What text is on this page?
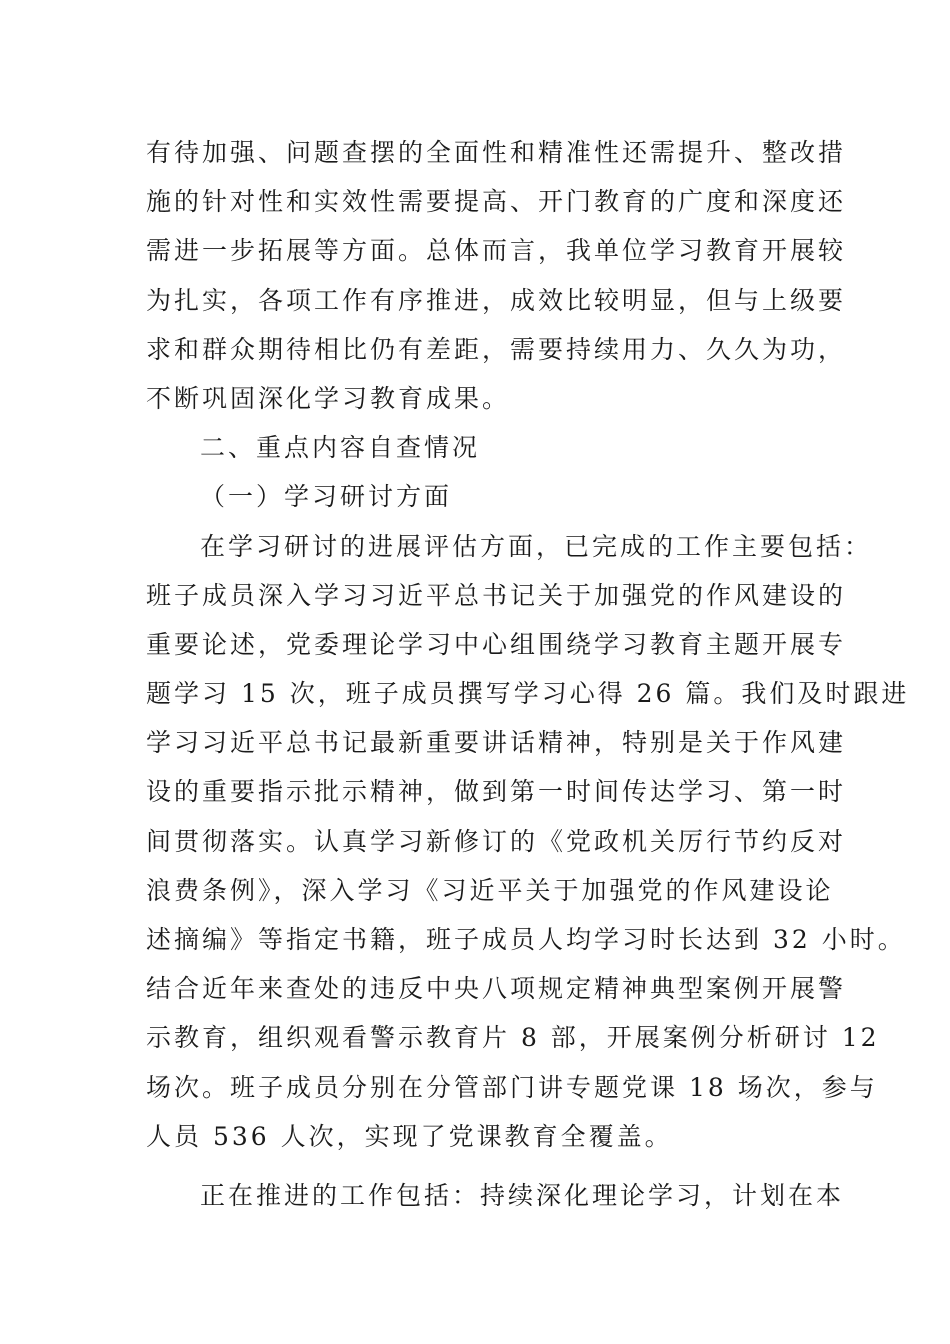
有待加强、问题查摆的全面性和精准性还需提升、整改措
施的针对性和实效性需要提高、开门教育的广度和深度还
需进一步拓展等方面。总体而言，我单位学习教育开展较
为扎实，各项工作有序推进，成效比较明显，但与上级要
求和群众期待相比仍有差距，需要持续用力、久久为功，
不断巩固深化学习教育成果。
二、重点内容自查情况
（一）学习研讨方面
在学习研讨的进展评估方面，已完成的工作主要包括：
班子成员深入学习习近平总书记关于加强党的作风建设的
重要论述，党委理论学习中心组围绕学习教育主题开展专
题学习 15 次，班子成员撰写学习心得 26 篇。我们及时跟进
学习习近平总书记最新重要讲话精神，特别是关于作风建
设的重要指示批示精神，做到第一时间传达学习、第一时
间贯彻落实。认真学习新修订的《党政机关厉行节约反对
浪费条例》，深入学习《习近平关于加强党的作风建设论
述摘编》等指定书籍，班子成员人均学习时长达到 32 小时。
结合近年来查处的违反中央八项规定精神典型案例开展警
示教育，组织观看警示教育片 8 部，开展案例分析研讨 12
场次。班子成员分别在分管部门讲专题党课 18 场次，参与
人员 536 人次，实现了党课教育全覆盖。
正在推进的工作包括：持续深化理论学习，计划在本
